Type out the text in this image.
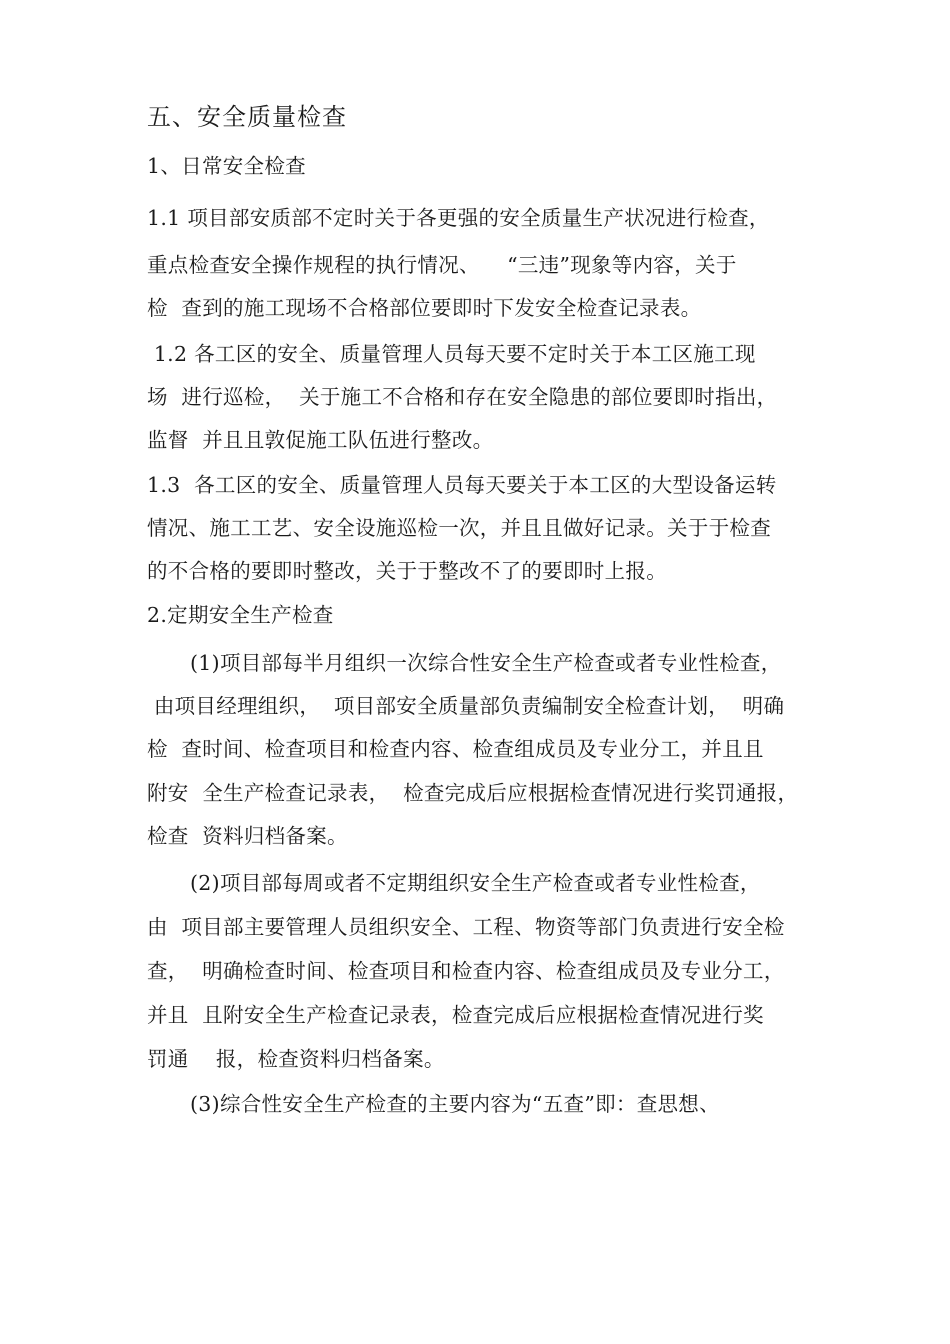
五、安全质量检查
1、日常安全检查
1.1 项目部安质部不定时关于各更强的安全质量生产状况进行检查，
重点检查安全操作规程的执行情况、    “三违”现象等内容，关于
检  查到的施工现场不合格部位要即时下发安全检查记录表。
1.2 各工区的安全、质量管理人员每天要不定时关于本工区施工现
场  进行巡检，  关于施工不合格和存在安全隐患的部位要即时指出，
监督  并且且敦促施工队伍进行整改。
1.3  各工区的安全、质量管理人员每天要关于本工区的大型设备运转
情况、施工工艺、安全设施巡检一次，并且且做好记录。关于于检查
的不合格的要即时整改，关于于整改不了的要即时上报。
2.定期安全生产检查
(1)项目部每半月组织一次综合性安全生产检查或者专业性检查，
由项目经理组织，  项目部安全质量部负责编制安全检查计划，  明确
检  查时间、检查项目和检查内容、检查组成员及专业分工，并且且
附安  全生产检查记录表，  检查完成后应根据检查情况进行奖罚通报，
检查  资料归档备案。
(2)项目部每周或者不定期组织安全生产检查或者专业性检查，
由  项目部主要管理人员组织安全、工程、物资等部门负责进行安全检
查，  明确检查时间、检查项目和检查内容、检查组成员及专业分工，
并且  且附安全生产检查记录表，检查完成后应根据检查情况进行奖
罚通    报，检查资料归档备案。
(3)综合性安全生产检查的主要内容为“五查”即：查思想、
